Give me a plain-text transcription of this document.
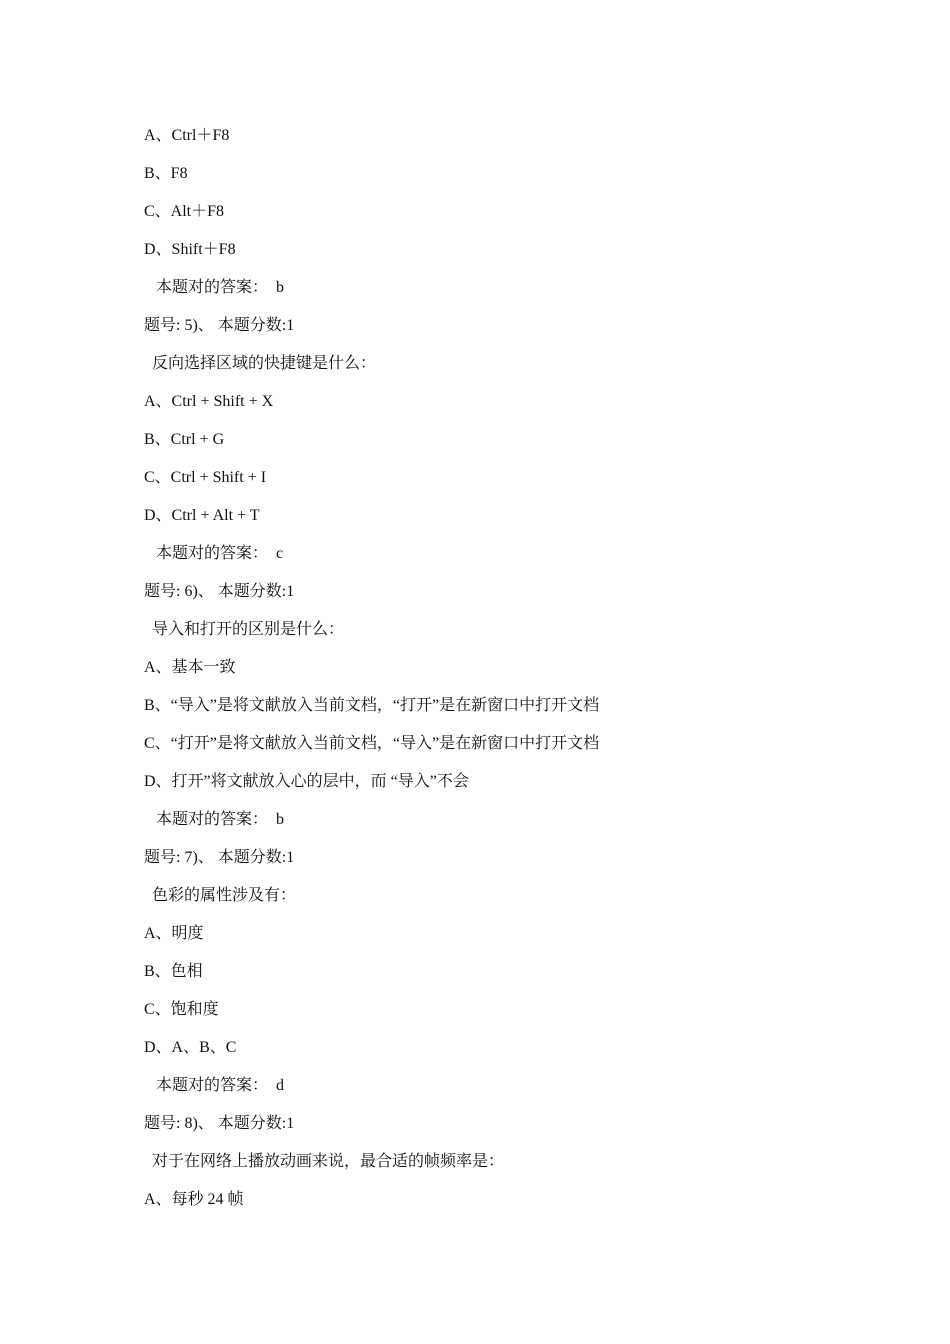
A、Ctrl＋F8
B、F8
C、Alt＋F8
D、Shift＋F8
本题对的答案：  b
题号: 5)、 本题分数:1
反向选择区域的快捷键是什么：
A、Ctrl + Shift + X
B、Ctrl + G
C、Ctrl + Shift + I
D、Ctrl + Alt + T
本题对的答案：  c
题号: 6)、 本题分数:1
导入和打开的区别是什么：
A、基本一致
B、“导入”是将文献放入当前文档，“打开”是在新窗口中打开文档
C、“打开”是将文献放入当前文档，“导入”是在新窗口中打开文档
D、打开”将文献放入心的层中，而 “导入”不会
本题对的答案：  b
题号: 7)、 本题分数:1
色彩的属性涉及有：
A、明度
B、色相
C、饱和度
D、A、B、C
本题对的答案：  d
题号: 8)、 本题分数:1
对于在网络上播放动画来说，最合适的帧频率是：
A、每秒 24 帧
